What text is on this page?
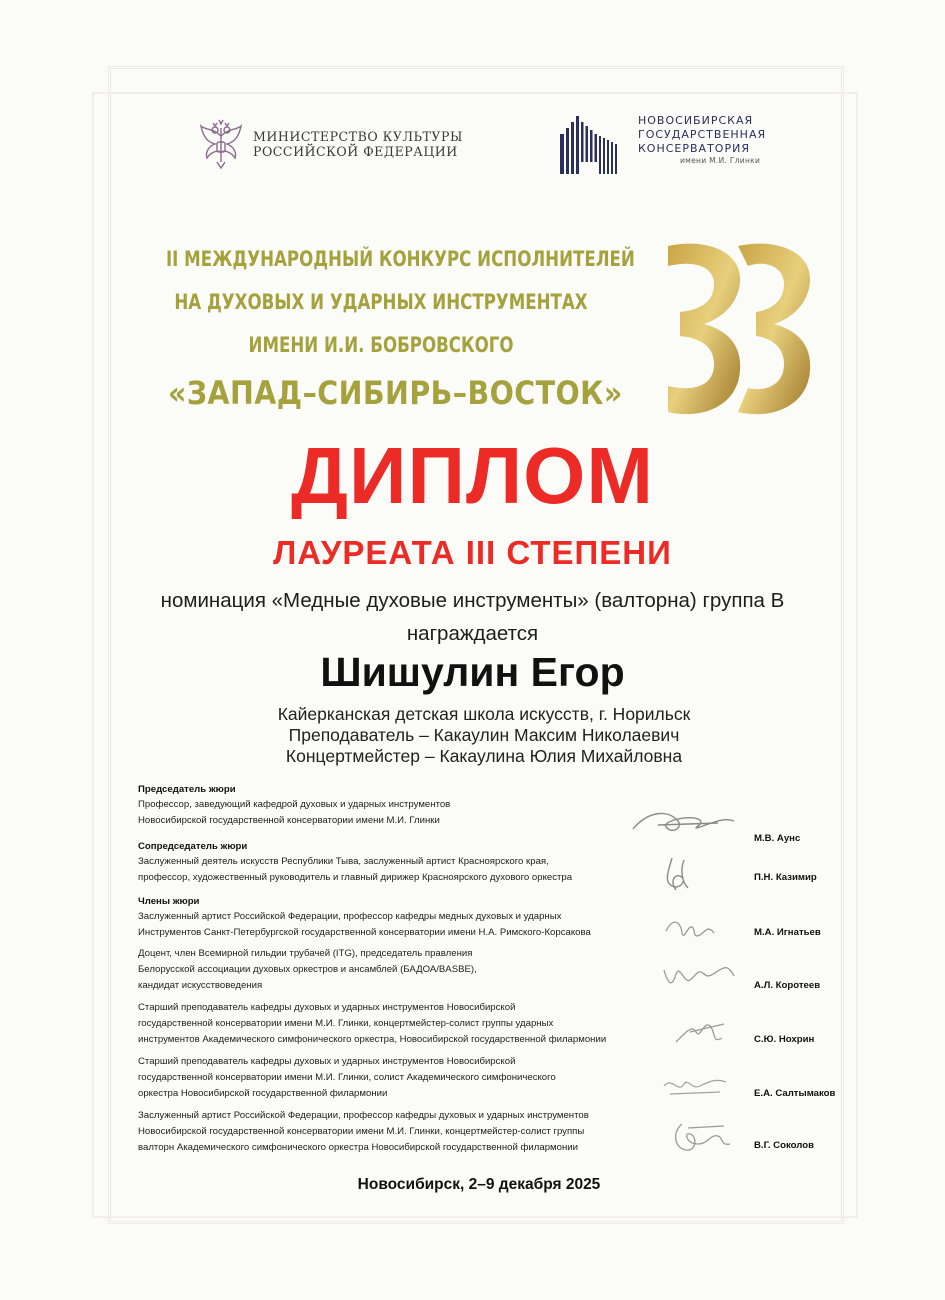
МИНИСТЕРСТВО КУЛЬТУРЫ
РОССИЙСКОЙ ФЕДЕРАЦИИ
НОВОСИБИРСКАЯ
ГОСУДАРСТВЕННАЯ
КОНСЕРВАТОРИЯ
имени М.И. Глинки
II МЕЖДУНАРОДНЫЙ КОНКУРС ИСПОЛНИТЕЛЕЙ
НА ДУХОВЫХ И УДАРНЫХ ИНСТРУМЕНТАХ
ИМЕНИ И.И. БОБРОВСКОГО
«ЗАПАД–СИБИРЬ–ВОСТОК»
ДИПЛОМ
ЛАУРЕАТА III СТЕПЕНИ
номинация «Медные духовые инструменты» (валторна) группа В
награждается
Шишулин Егор
Кайерканская детская школа искусств, г. Норильск
Преподаватель – Какаулин Максим Николаевич
Концертмейстер – Какаулина Юлия Михайловна
Председатель жюри
Профессор, заведующий кафедрой духовых и ударных инструментов
Новосибирской государственной консерватории имени М.И. Глинки
М.В. Аунс
Сопредседатель жюри
Заслуженный деятель искусств Республики Тыва, заслуженный артист Красноярского края,
профессор, художественный руководитель и главный дирижер Красноярского духового оркестра	П.Н. Казимир
Члены жюри
Заслуженный артист Российской Федерации, профессор кафедры медных духовых и ударных
Инструментов Санкт-Петербургской государственной консерватории имени Н.А. Римского-Корсакова	М.А. Игнатьев
Доцент, член Всемирной гильдии трубачей (ITG), председатель правления
Белорусской ассоциации духовых оркестров и ансамблей (БАДОА/BASBE),
кандидат искусствоведения	А.Л. Коротеев
Старший преподаватель кафедры духовых и ударных инструментов Новосибирской
государственной консерватории имени М.И. Глинки, концертмейстер-солист группы ударных
инструментов Академического симфонического оркестра, Новосибирской государственной филармонии	С.Ю. Нохрин
Старший преподаватель кафедры духовых и ударных инструментов Новосибирской
государственной консерватории имени М.И. Глинки, солист Академического симфонического
оркестра Новосибирской государственной филармонии	Е.А. Салтымаков
Заслуженный артист Российской Федерации, профессор кафедры духовых и ударных инструментов
Новосибирской государственной консерватории имени М.И. Глинки, концертмейстер-солист группы
валторн Академического симфонического оркестра Новосибирской государственной филармонии	В.Г. Соколов
Новосибирск, 2–9 декабря 2025
